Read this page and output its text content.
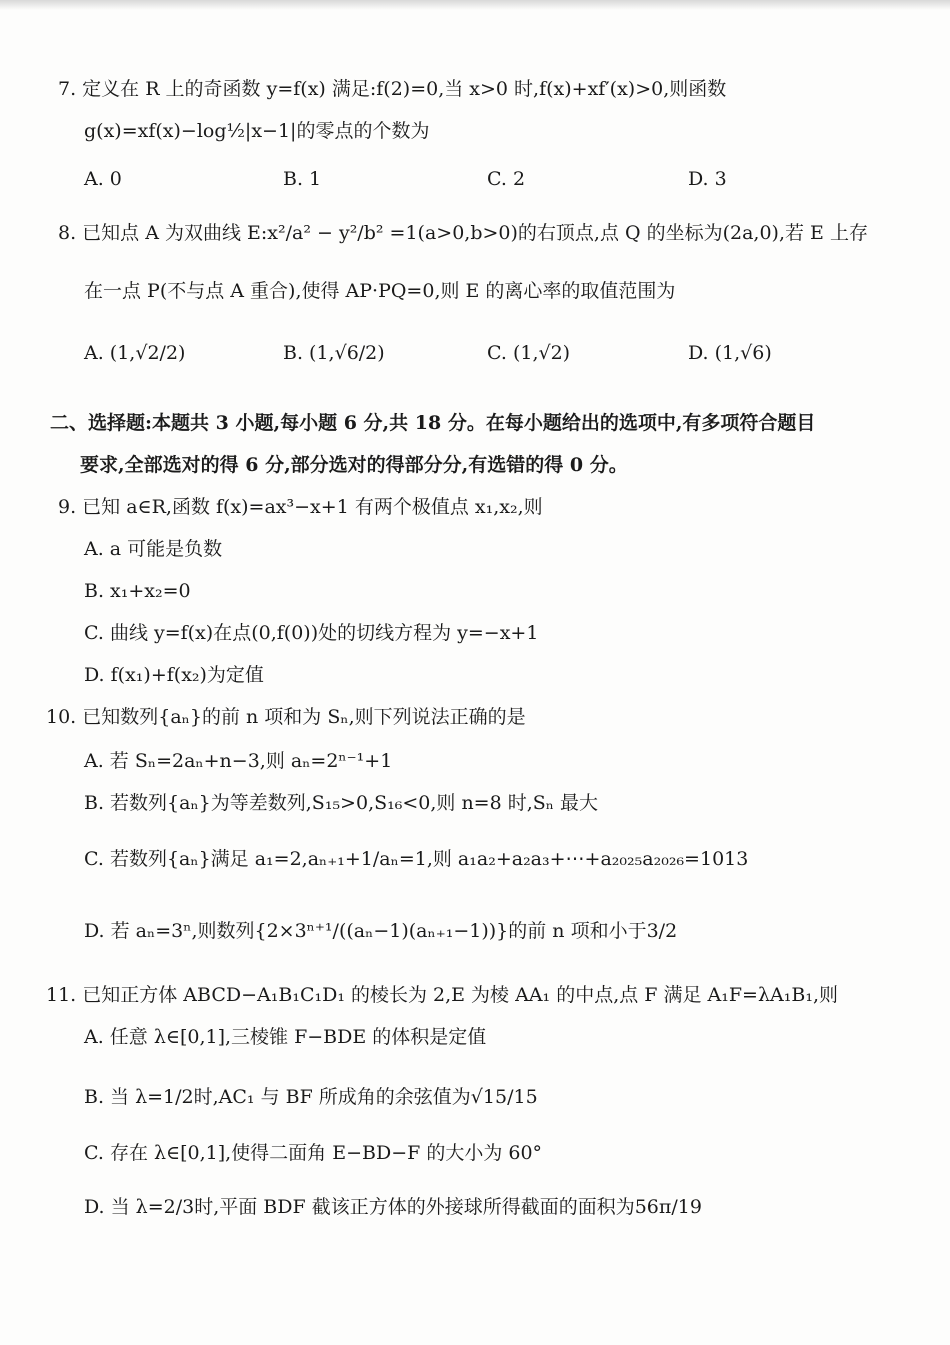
7. 定义在 R 上的奇函数 y=f(x) 满足:f(2)=0,当 x>0 时,f(x)+xf′(x)>0,则函数
g(x)=xf(x)−log½|x−1|的零点的个数为
A. 0	B. 1	C. 2	D. 3
8. 已知点 A 为双曲线 E:x²/a² − y²/b² =1(a>0,b>0)的右顶点,点 Q 的坐标为(2a,0),若 E 上存
在一点 P(不与点 A 重合),使得 AP·PQ=0,则 E 的离心率的取值范围为
A. (1,√2/2)	B. (1,√6/2)	C. (1,√2)	D. (1,√6)
二、选择题:本题共 3 小题,每小题 6 分,共 18 分。在每小题给出的选项中,有多项符合题目
要求,全部选对的得 6 分,部分选对的得部分分,有选错的得 0 分。
9. 已知 a∈R,函数 f(x)=ax³−x+1 有两个极值点 x₁,x₂,则
A. a 可能是负数
B. x₁+x₂=0
C. 曲线 y=f(x)在点(0,f(0))处的切线方程为 y=−x+1
D. f(x₁)+f(x₂)为定值
10. 已知数列{aₙ}的前 n 项和为 Sₙ,则下列说法正确的是
A. 若 Sₙ=2aₙ+n−3,则 aₙ=2ⁿ⁻¹+1
B. 若数列{aₙ}为等差数列,S₁₅>0,S₁₆<0,则 n=8 时,Sₙ 最大
C. 若数列{aₙ}满足 a₁=2,aₙ₊₁+1/aₙ=1,则 a₁a₂+a₂a₃+⋯+a₂₀₂₅a₂₀₂₆=1013
D. 若 aₙ=3ⁿ,则数列{2×3ⁿ⁺¹/((aₙ−1)(aₙ₊₁−1))}的前 n 项和小于3/2
11. 已知正方体 ABCD−A₁B₁C₁D₁ 的棱长为 2,E 为棱 AA₁ 的中点,点 F 满足 A₁F=λA₁B₁,则
A. 任意 λ∈[0,1],三棱锥 F−BDE 的体积是定值
B. 当 λ=1/2时,AC₁ 与 BF 所成角的余弦值为√15/15
C. 存在 λ∈[0,1],使得二面角 E−BD−F 的大小为 60°
D. 当 λ=2/3时,平面 BDF 截该正方体的外接球所得截面的面积为56π/19
